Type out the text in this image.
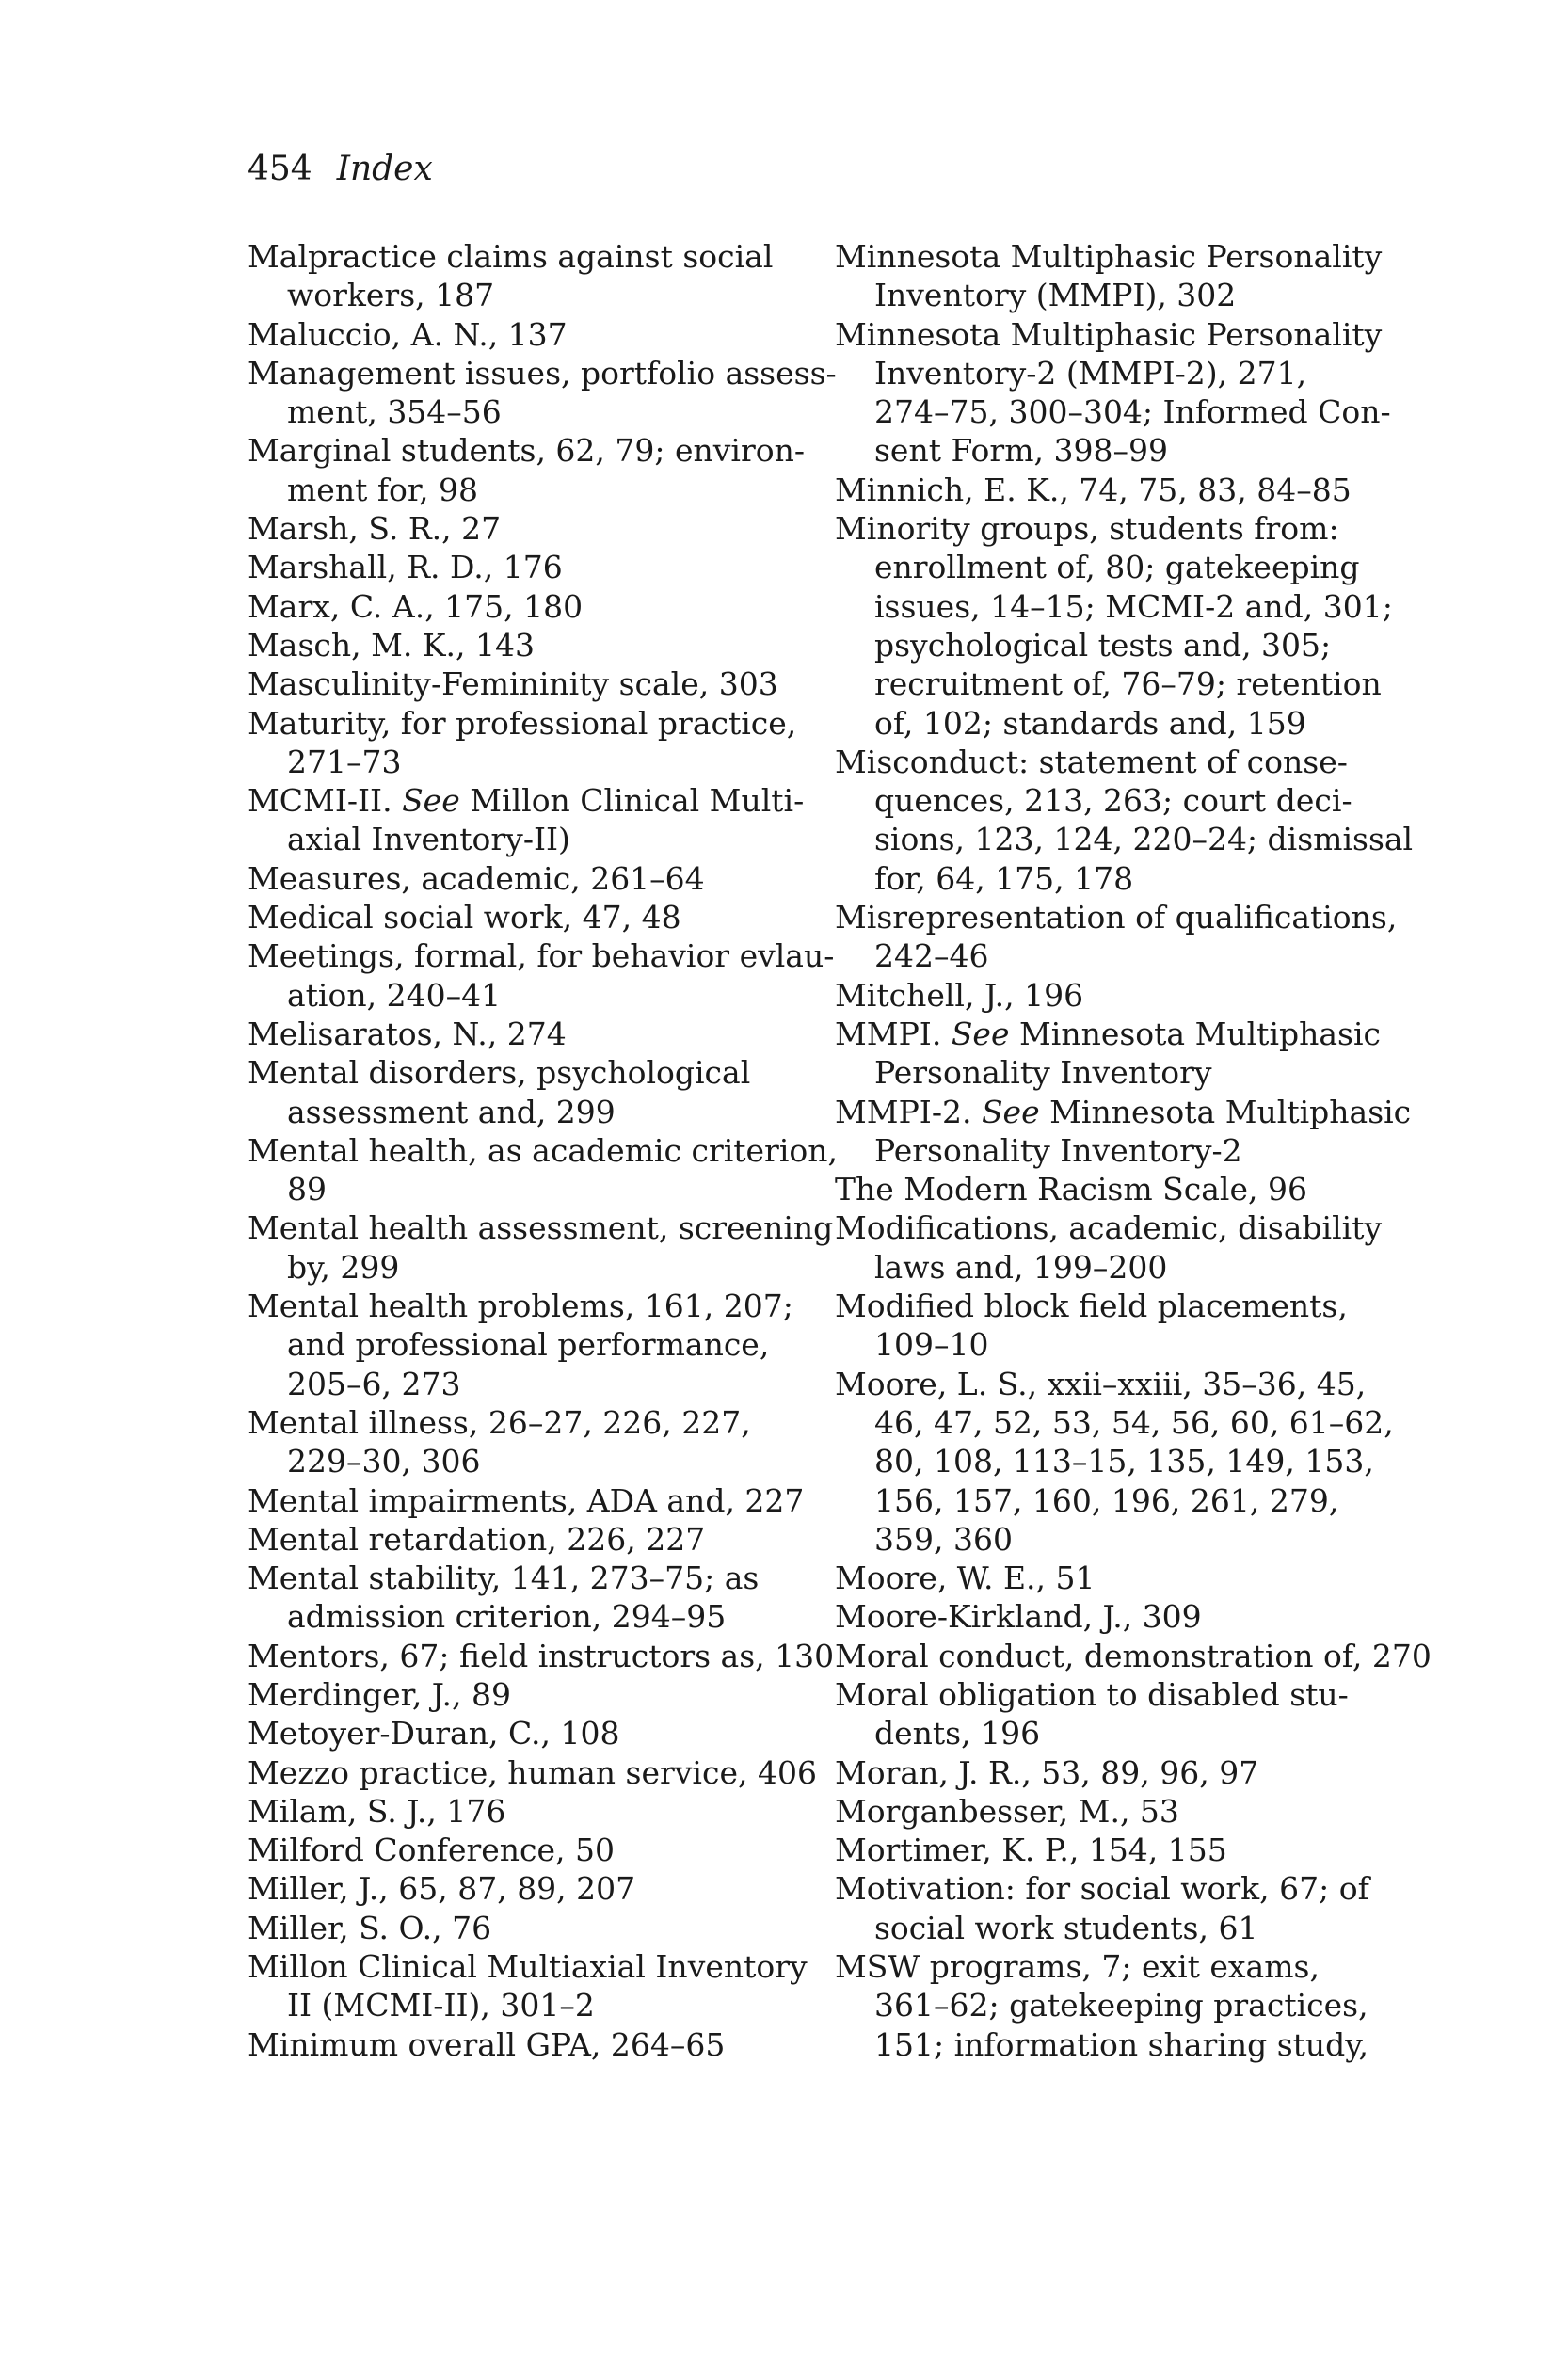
454 Index
Malpractice claims against social
workers, 187
Maluccio, A. N., 137
Management issues, portfolio assess-
ment, 354–56
Marginal students, 62, 79; environ-
ment for, 98
Marsh, S. R., 27
Marshall, R. D., 176
Marx, C. A., 175, 180
Masch, M. K., 143
Masculinity-Femininity scale, 303
Maturity, for professional practice,
271–73
MCMI-II. See Millon Clinical Multi-
axial Inventory-II)
Measures, academic, 261–64
Medical social work, 47, 48
Meetings, formal, for behavior evlau-
ation, 240–41
Melisaratos, N., 274
Mental disorders, psychological
assessment and, 299
Mental health, as academic criterion,
89
Mental health assessment, screening
by, 299
Mental health problems, 161, 207;
and professional performance,
205–6, 273
Mental illness, 26–27, 226, 227,
229–30, 306
Mental impairments, ADA and, 227
Mental retardation, 226, 227
Mental stability, 141, 273–75; as
admission criterion, 294–95
Mentors, 67; field instructors as, 130
Merdinger, J., 89
Metoyer-Duran, C., 108
Mezzo practice, human service, 406
Milam, S. J., 176
Milford Conference, 50
Miller, J., 65, 87, 89, 207
Miller, S. O., 76
Millon Clinical Multiaxial Inventory
II (MCMI-II), 301–2
Minimum overall GPA, 264–65
Minnesota Multiphasic Personality
Inventory (MMPI), 302
Minnesota Multiphasic Personality
Inventory-2 (MMPI-2), 271,
274–75, 300–304; Informed Con-
sent Form, 398–99
Minnich, E. K., 74, 75, 83, 84–85
Minority groups, students from:
enrollment of, 80; gatekeeping
issues, 14–15; MCMI-2 and, 301;
psychological tests and, 305;
recruitment of, 76–79; retention
of, 102; standards and, 159
Misconduct: statement of conse-
quences, 213, 263; court deci-
sions, 123, 124, 220–24; dismissal
for, 64, 175, 178
Misrepresentation of qualifications,
242–46
Mitchell, J., 196
MMPI. See Minnesota Multiphasic
Personality Inventory
MMPI-2. See Minnesota Multiphasic
Personality Inventory-2
The Modern Racism Scale, 96
Modifications, academic, disability
laws and, 199–200
Modified block field placements,
109–10
Moore, L. S., xxii–xxiii, 35–36, 45,
46, 47, 52, 53, 54, 56, 60, 61–62,
80, 108, 113–15, 135, 149, 153,
156, 157, 160, 196, 261, 279,
359, 360
Moore, W. E., 51
Moore-Kirkland, J., 309
Moral conduct, demonstration of, 270
Moral obligation to disabled stu-
dents, 196
Moran, J. R., 53, 89, 96, 97
Morganbesser, M., 53
Mortimer, K. P., 154, 155
Motivation: for social work, 67; of
social work students, 61
MSW programs, 7; exit exams,
361–62; gatekeeping practices,
151; information sharing study,
